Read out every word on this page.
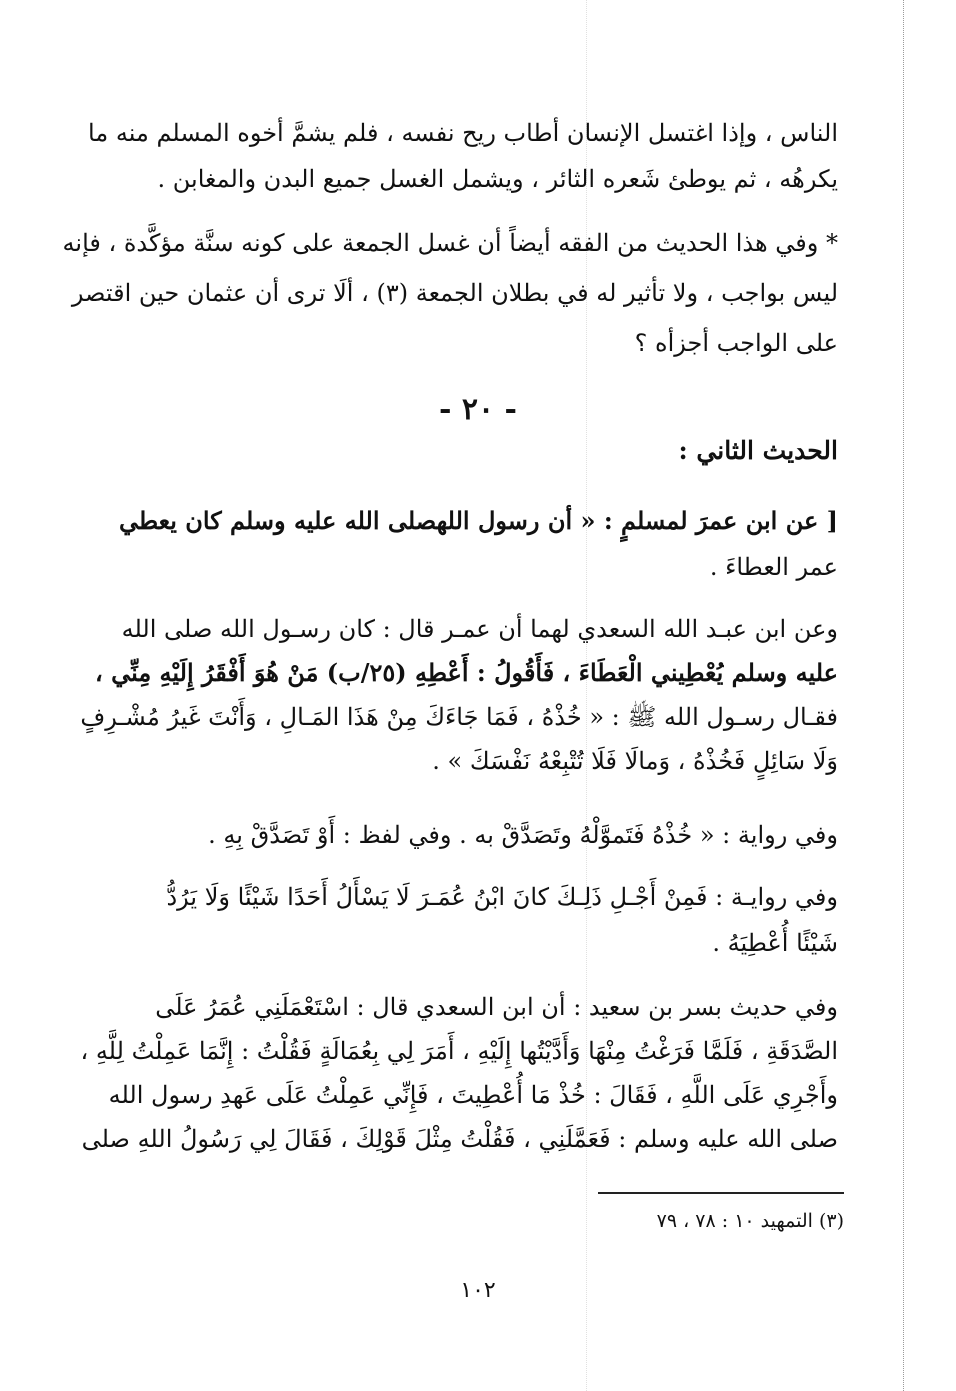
الناس ، وإذا اغتسل الإنسان أطاب ريح نفسه ، فلم يشمَّ أخوه المسلم منه ما
يكرهُه ، ثم يوطئ شَعره الثائر ، ويشمل الغسل جميع البدن والمغابن .
* وفي هذا الحديث من الفقه أيضاً أن غسل الجمعة على كونه سنَّة مؤكَّدة ، فإنه
ليس بواجب ، ولا تأثير له في بطلان الجمعة (٣) ، ألَا ترى أن عثمان حين اقتصر
على الواجب أجزأه ؟
- ٢٠ -
الحديث الثاني :
[ عن ابن عمرَ لمسلمٍ : « أن رسول اللهصلى الله عليه وسلم كان يعطي
عمر العطاءَ .
وعن ابن عبـد الله السعدي لهما أن عمـر قال : كان رسـول الله صلى الله
عليه وسلم يُعْطِيني الْعَطَاءَ ، فَأَقُولُ : أَعْطِهِ (٢٥/ب) مَنْ هُوَ أَفْقَرُ إِلَيْهِ مِنِّي ،
فقـال رسـول الله ﷺ : « خُذْهُ ، فَمَا جَاءَكَ مِنْ هَذَا المَـالِ ، وَأَنْتَ غَيرُ مُشْـرِفٍ
وَلَا سَائِلٍ فَخُذْهُ ، وَمالَا فَلَا تُتْبِعْهُ نَفْسَكَ » .
وفي رواية : « خُذْهُ فَتَموَّلْهُ وتَصَدَّقْ به . وفي لفظ : أَوْ تَصَدَّقْ بِهِ .
وفي روايـة : فَمِنْ أَجْـلِ ذَلِـكَ كانَ ابْنُ عُمَـرَ لَا يَسْأَلُ أَحَدًا شَيْئًا وَلَا يَرُدُّ
شَيْئًا أُعْطِيَهُ .
وفي حديث بسر بن سعيد : أن ابن السعدي قال : اسْتَعْمَلَنِي عُمَرُ عَلَى
الصَّدَقَةِ ، فَلَمَّا فَرَغْتُ مِنْهَا وَأَدَّيْتُها إِلَيْهِ ، أَمَرَ لِي بِعُمَالَةٍ فَقُلْتُ : إِنَّمَا عَمِلْتُ لِلَّهِ ،
وأَجْرِي عَلَى اللَّهِ ، فَقَالَ : خُذْ مَا أُعْطِيتَ ، فَإِنِّي عَمِلْتُ عَلَى عَهدِ رسول الله
صلى الله عليه وسلم : فَعَمَّلَنِي ، فَقُلْتُ مِثْلَ قَوْلِكَ ، فَقَالَ لِي رَسُولُ اللهِ صلى
(٣) التمهيد ١٠ : ٧٨ ، ٧٩
١٠٢
